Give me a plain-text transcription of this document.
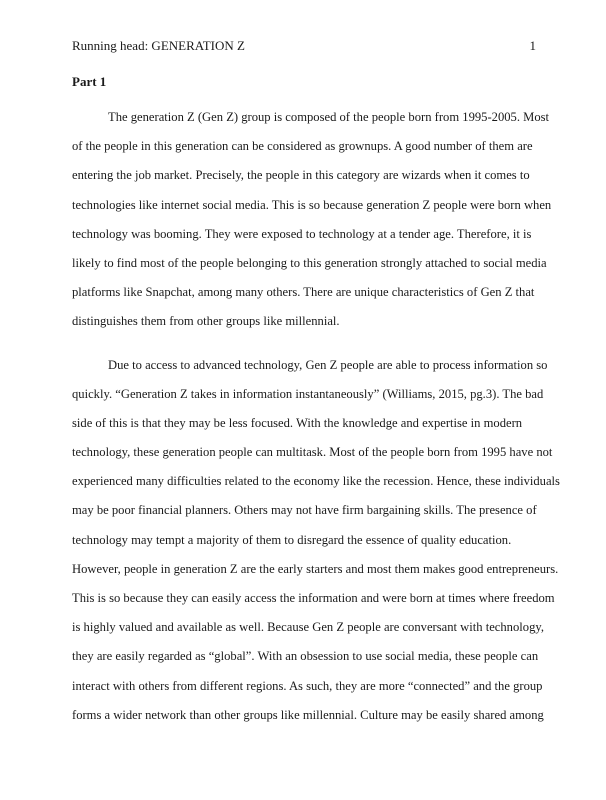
Running head: GENERATION Z	1
Part 1
The generation Z (Gen Z) group is composed of the people born from 1995-2005. Most
of the people in this generation can be considered as grownups. A good number of them are
entering the job market. Precisely, the people in this category are wizards when it comes to
technologies like internet social media. This is so because generation Z people were born when
technology was booming. They were exposed to technology at a tender age. Therefore, it is
likely to find most of the people belonging to this generation strongly attached to social media
platforms like Snapchat, among many others. There are unique characteristics of Gen Z that
distinguishes them from other groups like millennial.
Due to access to advanced technology, Gen Z people are able to process information so
quickly. “Generation Z takes in information instantaneously” (Williams, 2015, pg.3). The bad
side of this is that they may be less focused. With the knowledge and expertise in modern
technology, these generation people can multitask. Most of the people born from 1995 have not
experienced many difficulties related to the economy like the recession. Hence, these individuals
may be poor financial planners. Others may not have firm bargaining skills. The presence of
technology may tempt a majority of them to disregard the essence of quality education.
However, people in generation Z are the early starters and most them makes good entrepreneurs.
This is so because they can easily access the information and were born at times where freedom
is highly valued and available as well. Because Gen Z people are conversant with technology,
they are easily regarded as “global”. With an obsession to use social media, these people can
interact with others from different regions. As such, they are more “connected” and the group
forms a wider network than other groups like millennial. Culture may be easily shared among
